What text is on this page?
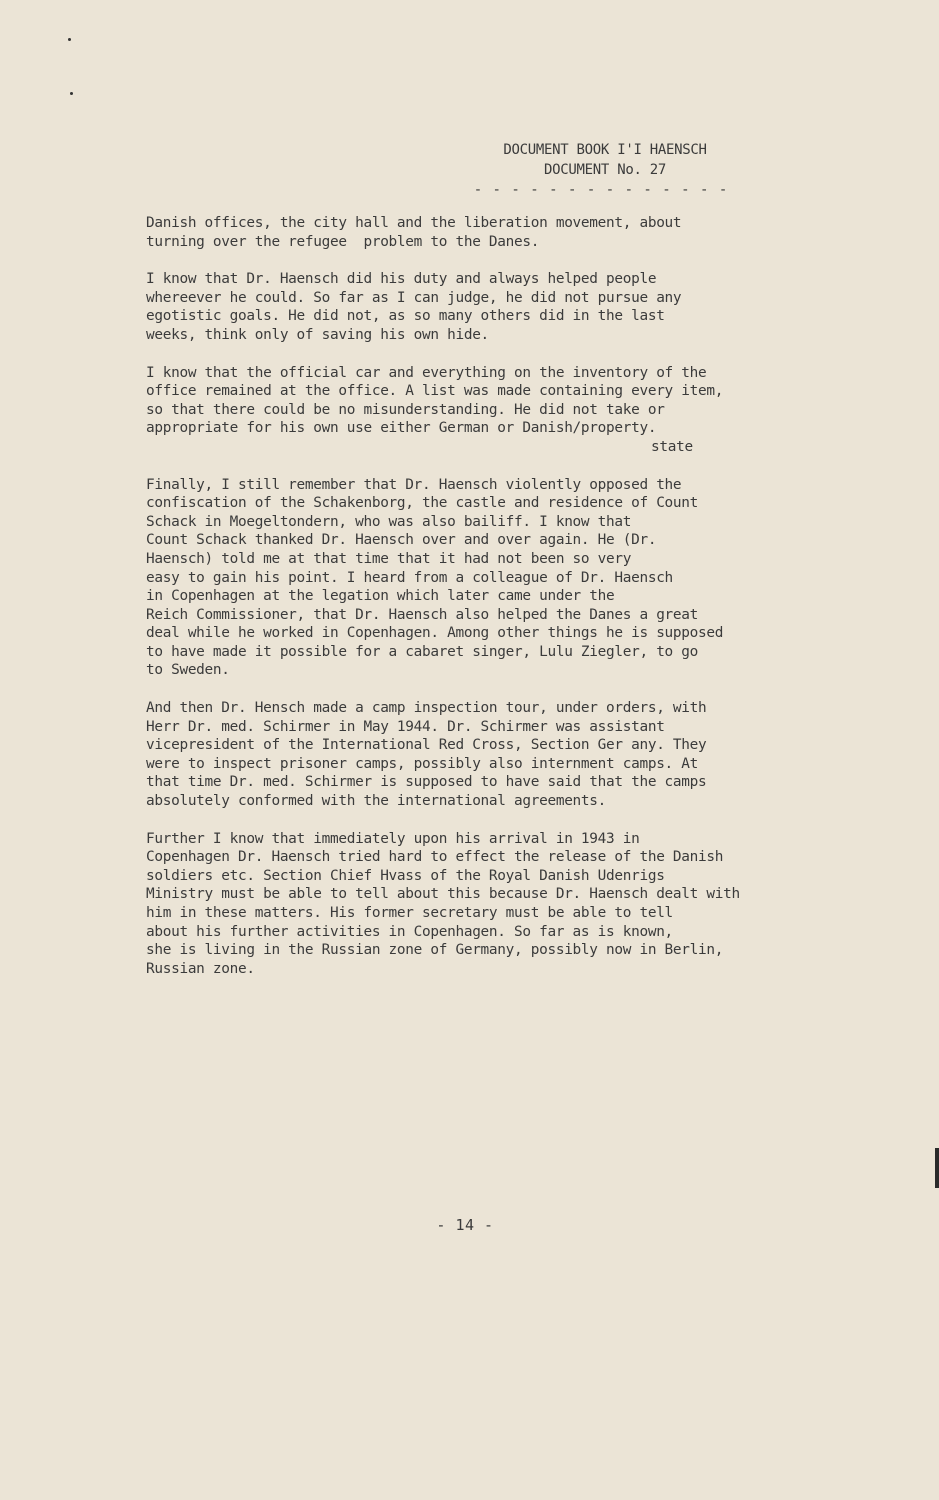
DOCUMENT BOOK I'I HAENSCH
DOCUMENT No. 27
- - - - - - - - - - - - - -
Danish offices, the city hall and the liberation movement, about
turning over the refugee  problem to the Danes.
I know that Dr. Haensch did his duty and always helped people
whereever he could. So far as I can judge, he did not pursue any
egotistic goals. He did not, as so many others did in the last
weeks, think only of saving his own hide.
I know that the official car and everything on the inventory of the
office remained at the office. A list was made containing every item,
so that there could be no misunderstanding. He did not take or
appropriate for his own use either German or Danish/property.
state
Finally, I still remember that Dr. Haensch violently opposed the
confiscation of the Schakenborg, the castle and residence of Count
Schack in Moegeltondern, who was also bailiff. I know that
Count Schack thanked Dr. Haensch over and over again. He (Dr.
Haensch) told me at that time that it had not been so very
easy to gain his point. I heard from a colleague of Dr. Haensch
in Copenhagen at the legation which later came under the
Reich Commissioner, that Dr. Haensch also helped the Danes a great
deal while he worked in Copenhagen. Among other things he is supposed
to have made it possible for a cabaret singer, Lulu Ziegler, to go
to Sweden.
And then Dr. Hensch made a camp inspection tour, under orders, with
Herr Dr. med. Schirmer in May 1944. Dr. Schirmer was assistant
vicepresident of the International Red Cross, Section Ger any. They
were to inspect prisoner camps, possibly also internment camps. At
that time Dr. med. Schirmer is supposed to have said that the camps
absolutely conformed with the international agreements.
Further I know that immediately upon his arrival in 1943 in
Copenhagen Dr. Haensch tried hard to effect the release of the Danish
soldiers etc. Section Chief Hvass of the Royal Danish Udenrigs
Ministry must be able to tell about this because Dr. Haensch dealt with
him in these matters. His former secretary must be able to tell
about his further activities in Copenhagen. So far as is known,
she is living in the Russian zone of Germany, possibly now in Berlin,
Russian zone.
- 14 -
